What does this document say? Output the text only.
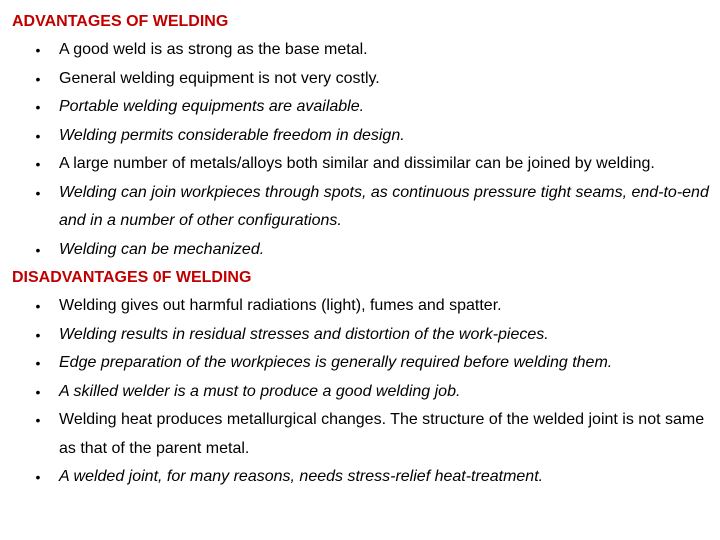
ADVANTAGES OF WELDING
•	A good weld is as strong as the base metal.
•	General welding equipment is not very costly.
•	Portable welding equipments are available.
•	Welding permits considerable freedom in design.
•	A large number of metals/alloys both similar and dissimilar can be joined by welding.
•	Welding can join workpieces through spots, as continuous pressure tight seams, end-to-end and in a number of other configurations.
•	Welding can be mechanized.
DISADVANTAGES 0F WELDING
•	Welding gives out harmful radiations (light), fumes and spatter.
•	Welding results in residual stresses and distortion of the work-pieces.
•	Edge preparation of the workpieces is generally required before welding them.
•	A skilled welder is a must to produce a good welding job.
•	Welding heat produces metallurgical changes. The structure of the welded joint is not same as that of the parent metal.
•	A welded joint, for many reasons, needs stress-relief heat-treatment.
